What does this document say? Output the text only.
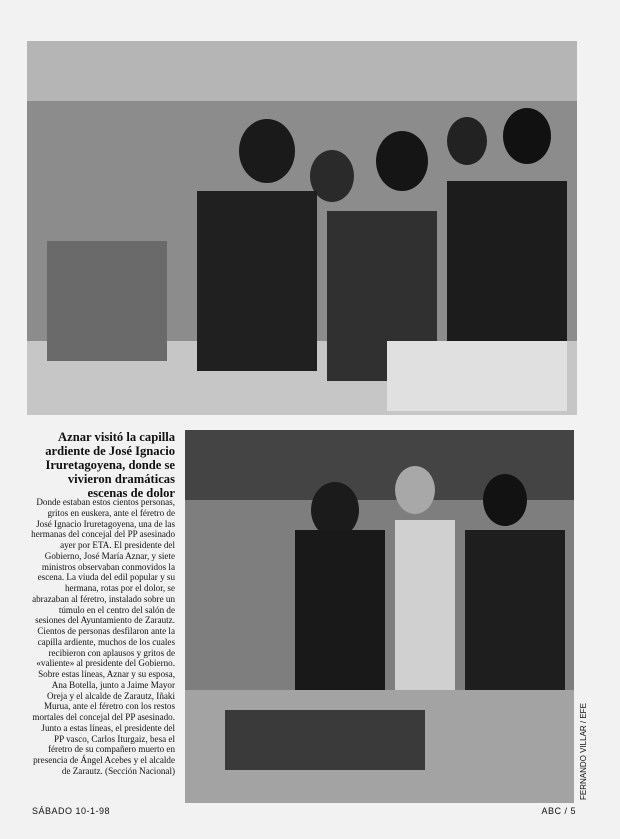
Aznar visitó la capilla ardiente de José Ignacio Iruretagoyena, donde se vivieron dramáticas escenas de dolor

Donde estaban estos cientos personas, gritos en euskera, ante el féretro de José Ignacio Iruretagoyena, una de las hermanas del concejal del PP asesinado ayer por ETA. El presidente del Gobierno, José María Aznar, y siete ministros observaban conmovidos la escena. La viuda del edil popular y su hermana, rotas por el dolor, se abrazaban al féretro, instalado sobre un túmulo en el centro del salón de sesiones del Ayuntamiento de Zarautz. Cientos de personas desfilaron ante la capilla ardiente, muchos de los cuales recibieron con aplausos y gritos de «valiente» al presidente del Gobierno. Sobre estas líneas, Aznar y su esposa, Ana Botella, junto a Jaime Mayor Oreja y el alcalde de Zarautz, Iñaki Murua, ante el féretro con los restos mortales del concejal del PP asesinado. Junto a estas líneas, el presidente del PP vasco, Carlos Iturgaiz, besa el féretro de su compañero muerto en presencia de Ángel Acebes y el alcalde de Zarautz. (Sección Nacional)	FERNANDO VILLAR / EFE
SÁBADO 10-1-98	ABC / 5
